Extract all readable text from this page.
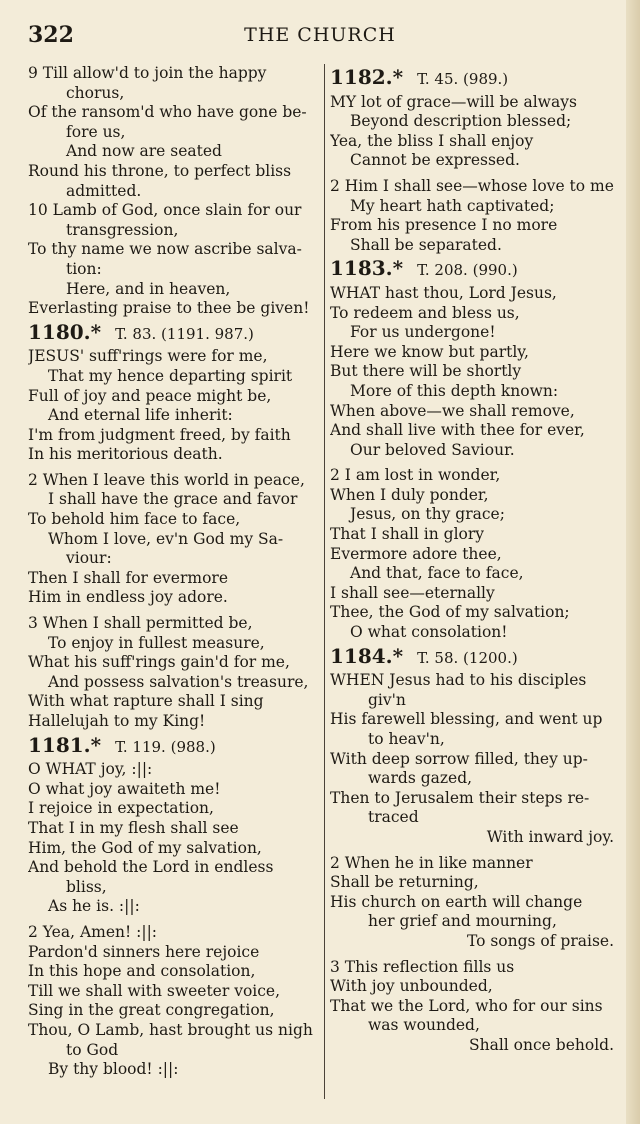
322	THE CHURCH
9 Till allow'd to join the happy
chorus,
Of the ransom'd who have gone be-
fore us,
And now are seated
Round his throne, to perfect bliss
admitted.
10 Lamb of God, once slain for our
transgression,
To thy name we now ascribe salva-
tion:
Here, and in heaven,
Everlasting praise to thee be given!
1180.* T. 83. (1191. 987.)
JESUS' suff'rings were for me,
That my hence departing spirit
Full of joy and peace might be,
And eternal life inherit:
I'm from judgment freed, by faith
In his meritorious death.
2 When I leave this world in peace,
I shall have the grace and favor
To behold him face to face,
Whom I love, ev'n God my Sa-
viour:
Then I shall for evermore
Him in endless joy adore.
3 When I shall permitted be,
To enjoy in fullest measure,
What his suff'rings gain'd for me,
And possess salvation's treasure,
With what rapture shall I sing
Hallelujah to my King!
1181.* T. 119. (988.)
O WHAT joy, :||:
O what joy awaiteth me!
I rejoice in expectation,
That I in my flesh shall see
Him, the God of my salvation,
And behold the Lord in endless
bliss,
As he is. :||:
2 Yea, Amen! :||:
Pardon'd sinners here rejoice
In this hope and consolation,
Till we shall with sweeter voice,
Sing in the great congregation,
Thou, O Lamb, hast brought us nigh
to God
By thy blood! :||:
1182.* T. 45. (989.)
MY lot of grace—will be always
Beyond description blessed;
Yea, the bliss I shall enjoy
Cannot be expressed.
2 Him I shall see—whose love to me
My heart hath captivated;
From his presence I no more
Shall be separated.
1183.* T. 208. (990.)
WHAT hast thou, Lord Jesus,
To redeem and bless us,
For us undergone!
Here we know but partly,
But there will be shortly
More of this depth known:
When above—we shall remove,
And shall live with thee for ever,
Our beloved Saviour.
2 I am lost in wonder,
When I duly ponder,
Jesus, on thy grace;
That I shall in glory
Evermore adore thee,
And that, face to face,
I shall see—eternally
Thee, the God of my salvation;
O what consolation!
1184.* T. 58. (1200.)
WHEN Jesus had to his disciples
giv'n
His farewell blessing, and went up
to heav'n,
With deep sorrow filled, they up-
wards gazed,
Then to Jerusalem their steps re-
traced
With inward joy.
2 When he in like manner
Shall be returning,
His church on earth will change
her grief and mourning,
To songs of praise.
3 This reflection fills us
With joy unbounded,
That we the Lord, who for our sins
was wounded,
Shall once behold.
